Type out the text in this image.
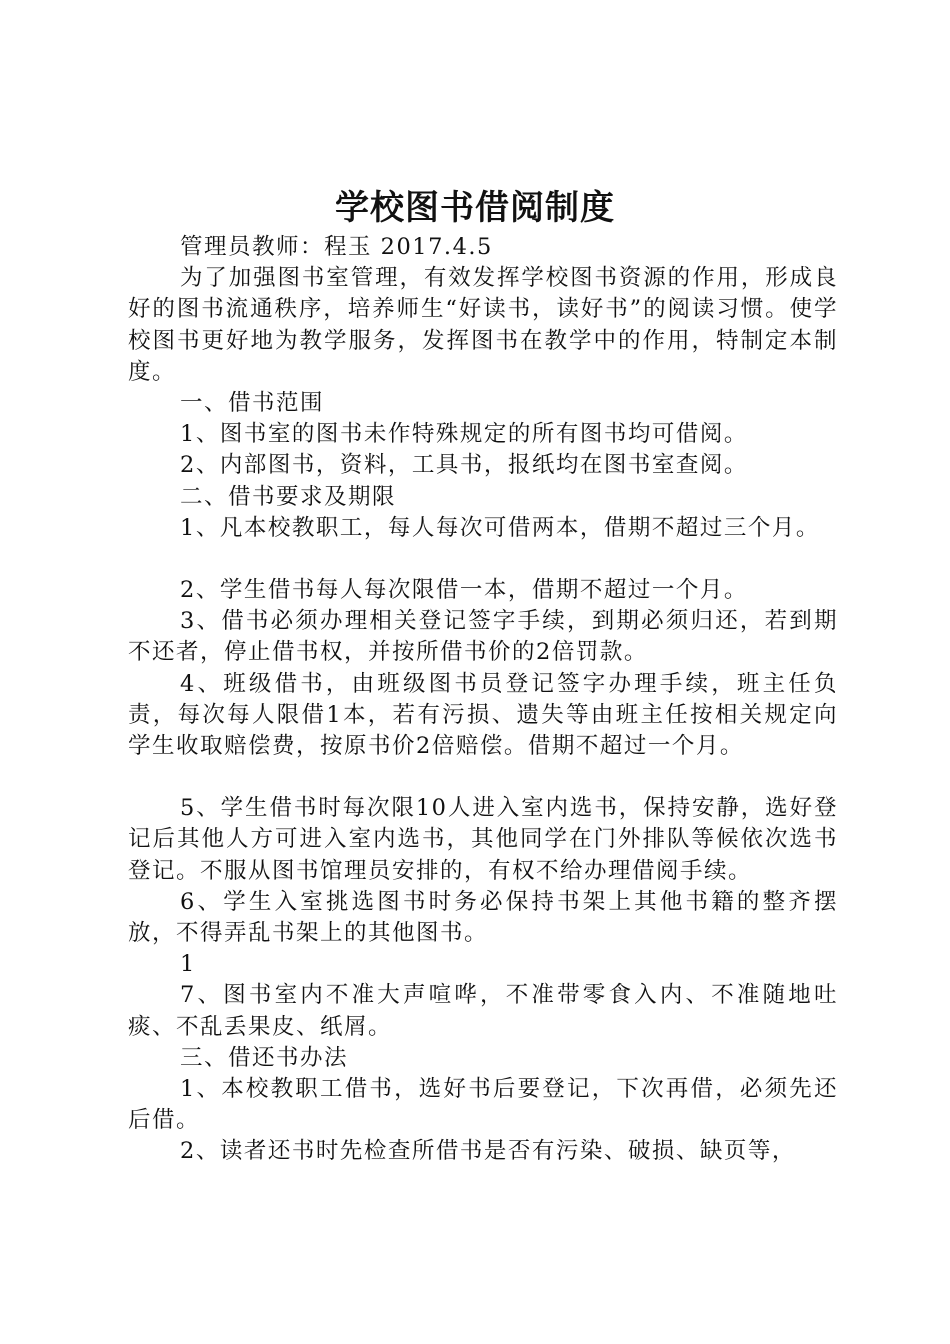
学校图书借阅制度

管理员教师：程玉 2017.4.5

为了加强图书室管理，有效发挥学校图书资源的作用，形成良好的图书流通秩序，培养师生“好读书，读好书”的阅读习惯。使学校图书更好地为教学服务，发挥图书在教学中的作用，特制定本制度。

一、借书范围

1、图书室的图书未作特殊规定的所有图书均可借阅。

2、内部图书，资料，工具书，报纸均在图书室查阅。

二、借书要求及期限

1、凡本校教职工，每人每次可借两本，借期不超过三个月。

2、学生借书每人每次限借一本，借期不超过一个月。

3、借书必须办理相关登记签字手续，到期必须归还，若到期不还者，停止借书权，并按所借书价的2倍罚款。

4、班级借书，由班级图书员登记签字办理手续，班主任负责，每次每人限借1本，若有污损、遗失等由班主任按相关规定向学生收取赔偿费，按原书价2倍赔偿。借期不超过一个月。

5、学生借书时每次限10人进入室内选书，保持安静，选好登记后其他人方可进入室内选书，其他同学在门外排队等候依次选书登记。不服从图书馆理员安排的，有权不给办理借阅手续。

6、学生入室挑选图书时务必保持书架上其他书籍的整齐摆放，不得弄乱书架上的其他图书。

1

7、图书室内不准大声喧哗，不准带零食入内、不准随地吐痰、不乱丢果皮、纸屑。

三、借还书办法

1、本校教职工借书，选好书后要登记，下次再借，必须先还后借。

2、读者还书时先检查所借书是否有污染、破损、缺页等，
